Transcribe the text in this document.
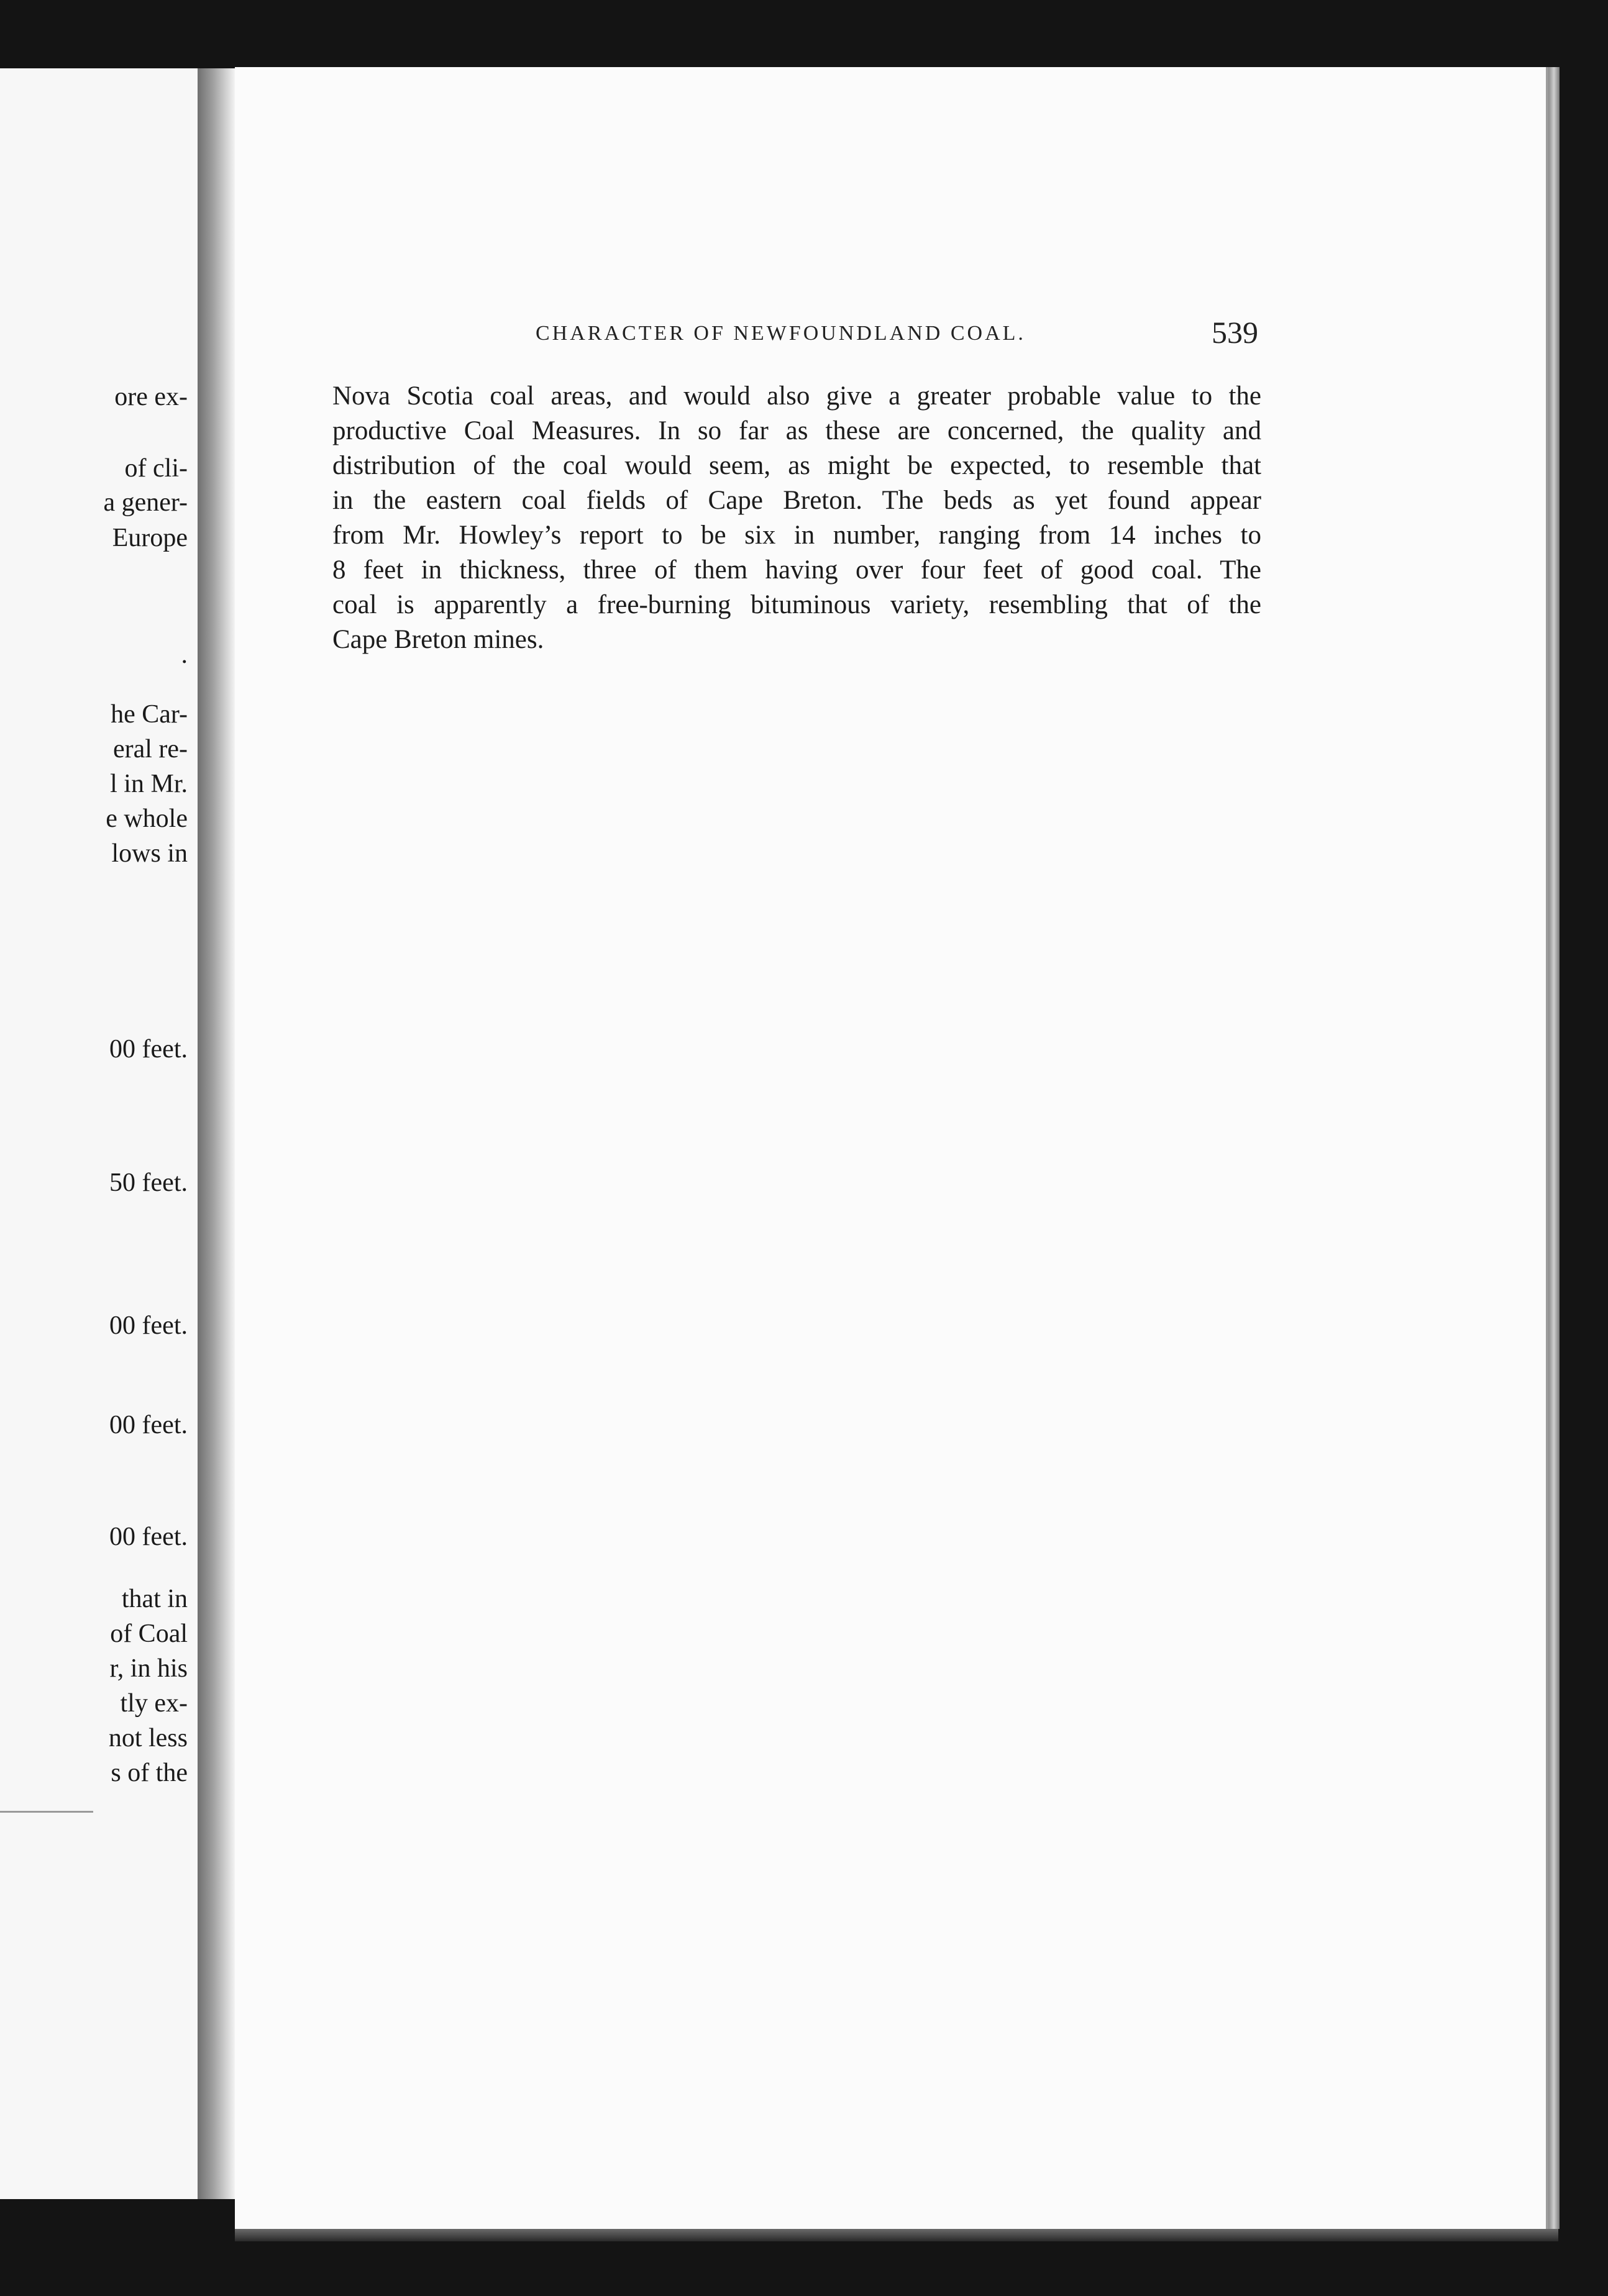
ore ex-
of cli-
a gener-
Europe
.
he Car-
eral re-
l in Mr.
e whole
lows in
00 feet.
50 feet.
00 feet.
00 feet.
00 feet.
that in
of Coal
r, in his
tly ex-
not less
s of the
CHARACTER OF NEWFOUNDLAND COAL.	539
Nova Scotia coal areas, and would also give a greater probable value to the
productive Coal Measures. In so far as these are concerned, the quality and
distribution of the coal would seem, as might be expected, to resemble that
in the eastern coal fields of Cape Breton. The beds as yet found appear
from Mr. Howley’s report to be six in number, ranging from 14 inches to
8 feet in thickness, three of them having over four feet of good coal. The
coal is apparently a free-burning bituminous variety, resembling that of the
Cape Breton mines.
